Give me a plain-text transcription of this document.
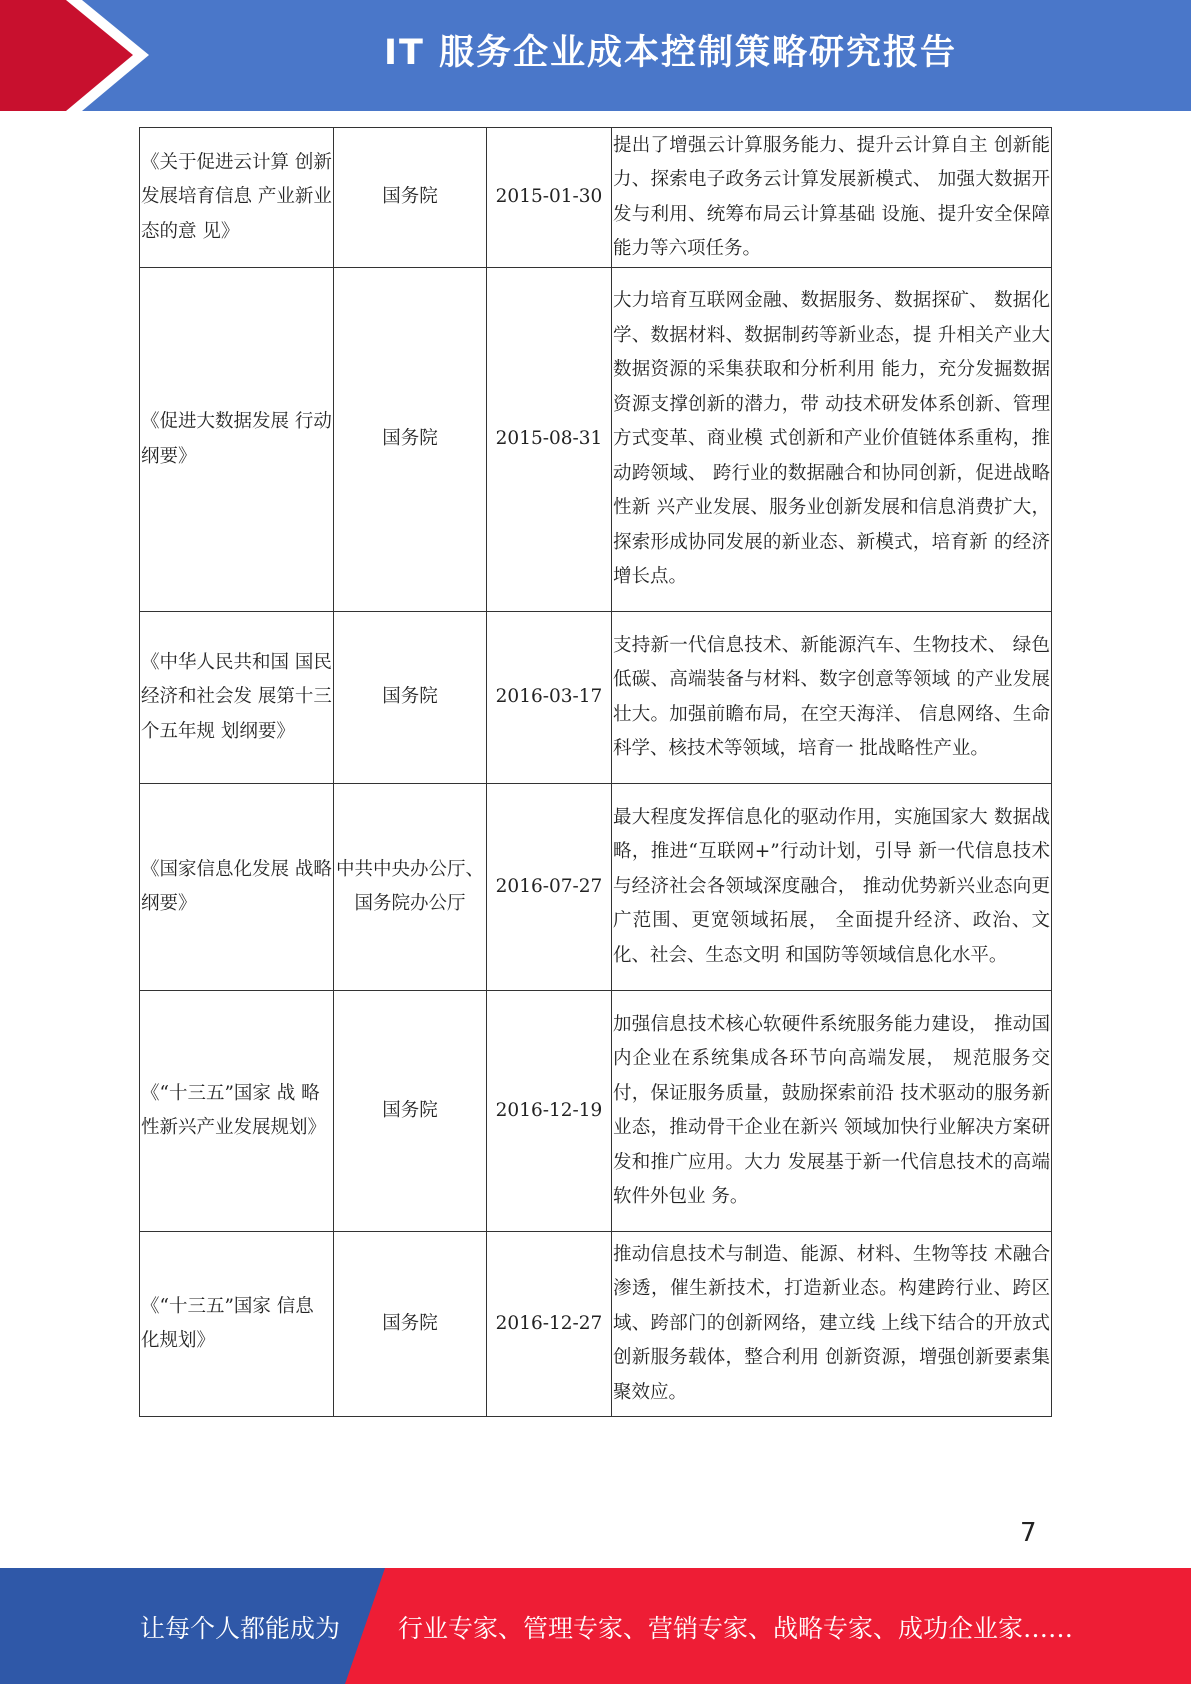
IT 服务企业成本控制策略研究报告
《关于促进云计算 创新发展培育信息 产业新业态的意 见》	国务院	2015-01-30	提出了增强云计算服务能力、提升云计算自主 创新能力、探索电子政务云计算发展新模式、 加强大数据开发与利用、统筹布局云计算基础 设施、提升安全保障能力等六项任务。
《促进大数据发展 行动纲要》	国务院	2015-08-31	大力培育互联网金融、数据服务、数据探矿、 数据化学、数据材料、数据制药等新业态，提 升相关产业大数据资源的采集获取和分析利用 能力，充分发掘数据资源支撑创新的潜力，带 动技术研发体系创新、管理方式变革、商业模 式创新和产业价值链体系重构，推动跨领域、 跨行业的数据融合和协同创新，促进战略性新 兴产业发展、服务业创新发展和信息消费扩大， 探索形成协同发展的新业态、新模式，培育新 的经济增长点。
《中华人民共和国 国民经济和社会发 展第十三个五年规 划纲要》	国务院	2016-03-17	支持新一代信息技术、新能源汽车、生物技术、 绿色低碳、高端装备与材料、数字创意等领域 的产业发展壮大。加强前瞻布局，在空天海洋、 信息网络、生命科学、核技术等领域，培育一 批战略性产业。
《国家信息化发展 战略纲要》	中共中央办公厅、国务院办公厅	2016-07-27	最大程度发挥信息化的驱动作用，实施国家大 数据战略，推进“互联网+”行动计划，引导 新一代信息技术与经济社会各领域深度融合， 推动优势新兴业态向更广范围、更宽领域拓展， 全面提升经济、政治、文化、社会、生态文明 和国防等领域信息化水平。
《“十三五”国家 战 略性新兴产业发展规划》	国务院	2016-12-19	加强信息技术核心软硬件系统服务能力建设， 推动国内企业在系统集成各环节向高端发展， 规范服务交付，保证服务质量，鼓励探索前沿 技术驱动的服务新业态，推动骨干企业在新兴 领域加快行业解决方案研发和推广应用。大力 发展基于新一代信息技术的高端软件外包业 务。
《“十三五”国家 信息化规划》	国务院	2016-12-27	推动信息技术与制造、能源、材料、生物等技 术融合渗透，催生新技术，打造新业态。构建跨行业、跨区域、跨部门的创新网络，建立线 上线下结合的开放式创新服务载体，整合利用 创新资源，增强创新要素集聚效应。
7
让每个人都能成为 行业专家、管理专家、营销专家、战略专家、成功企业家……
